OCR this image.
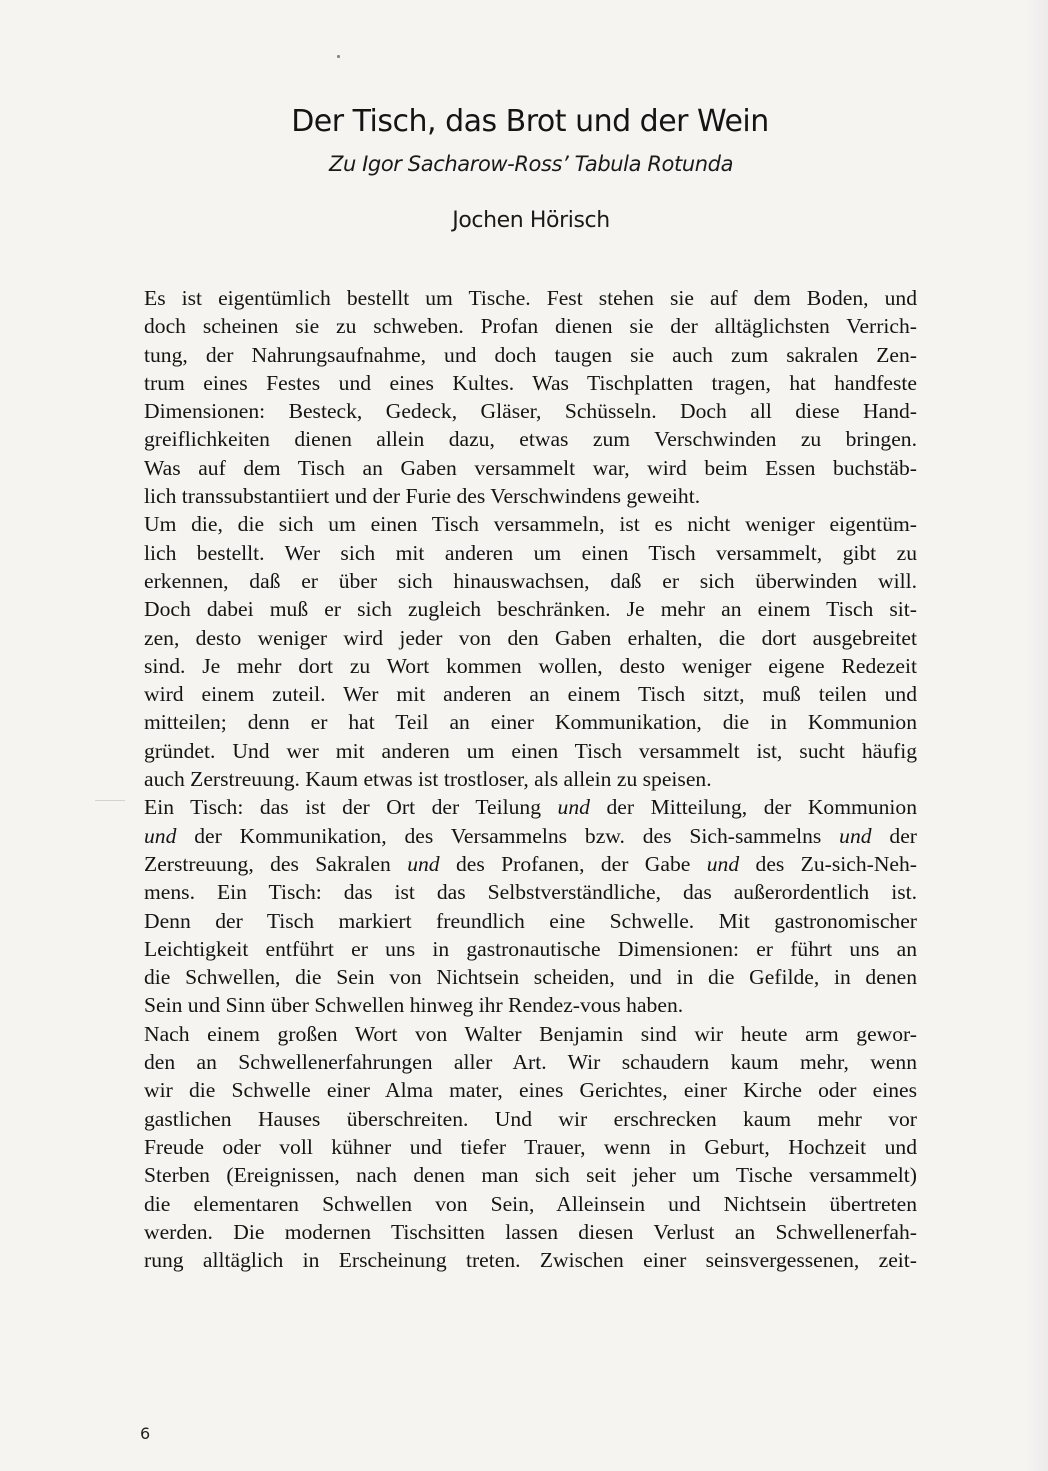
Der Tisch, das Brot und der Wein
Zu Igor Sacharow-Ross’ Tabula Rotunda
Jochen Hörisch
Es ist eigentümlich bestellt um Tische. Fest stehen sie auf dem Boden, und
doch scheinen sie zu schweben. Profan dienen sie der alltäglichsten Verrich-
tung, der Nahrungsaufnahme, und doch taugen sie auch zum sakralen Zen-
trum eines Festes und eines Kultes. Was Tischplatten tragen, hat handfeste
Dimensionen: Besteck, Gedeck, Gläser, Schüsseln. Doch all diese Hand-
greiflichkeiten dienen allein dazu, etwas zum Verschwinden zu bringen.
Was auf dem Tisch an Gaben versammelt war, wird beim Essen buchstäb-
lich transsubstantiiert und der Furie des Verschwindens geweiht.
Um die, die sich um einen Tisch versammeln, ist es nicht weniger eigentüm-
lich bestellt. Wer sich mit anderen um einen Tisch versammelt, gibt zu
erkennen, daß er über sich hinauswachsen, daß er sich überwinden will.
Doch dabei muß er sich zugleich beschränken. Je mehr an einem Tisch sit-
zen, desto weniger wird jeder von den Gaben erhalten, die dort ausgebreitet
sind. Je mehr dort zu Wort kommen wollen, desto weniger eigene Redezeit
wird einem zuteil. Wer mit anderen an einem Tisch sitzt, muß teilen und
mitteilen; denn er hat Teil an einer Kommunikation, die in Kommunion
gründet. Und wer mit anderen um einen Tisch versammelt ist, sucht häufig
auch Zerstreuung. Kaum etwas ist trostloser, als allein zu speisen.
Ein Tisch: das ist der Ort der Teilung und der Mitteilung, der Kommunion
und der Kommunikation, des Versammelns bzw. des Sich-sammelns und der
Zerstreuung, des Sakralen und des Profanen, der Gabe und des Zu-sich-Neh-
mens. Ein Tisch: das ist das Selbstverständliche, das außerordentlich ist.
Denn der Tisch markiert freundlich eine Schwelle. Mit gastronomischer
Leichtigkeit entführt er uns in gastronautische Dimensionen: er führt uns an
die Schwellen, die Sein von Nichtsein scheiden, und in die Gefilde, in denen
Sein und Sinn über Schwellen hinweg ihr Rendez-vous haben.
Nach einem großen Wort von Walter Benjamin sind wir heute arm gewor-
den an Schwellenerfahrungen aller Art. Wir schaudern kaum mehr, wenn
wir die Schwelle einer Alma mater, eines Gerichtes, einer Kirche oder eines
gastlichen Hauses überschreiten. Und wir erschrecken kaum mehr vor
Freude oder voll kühner und tiefer Trauer, wenn in Geburt, Hochzeit und
Sterben (Ereignissen, nach denen man sich seit jeher um Tische versammelt)
die elementaren Schwellen von Sein, Alleinsein und Nichtsein übertreten
werden. Die modernen Tischsitten lassen diesen Verlust an Schwellenerfah-
rung alltäglich in Erscheinung treten. Zwischen einer seinsvergessenen, zeit-
6
